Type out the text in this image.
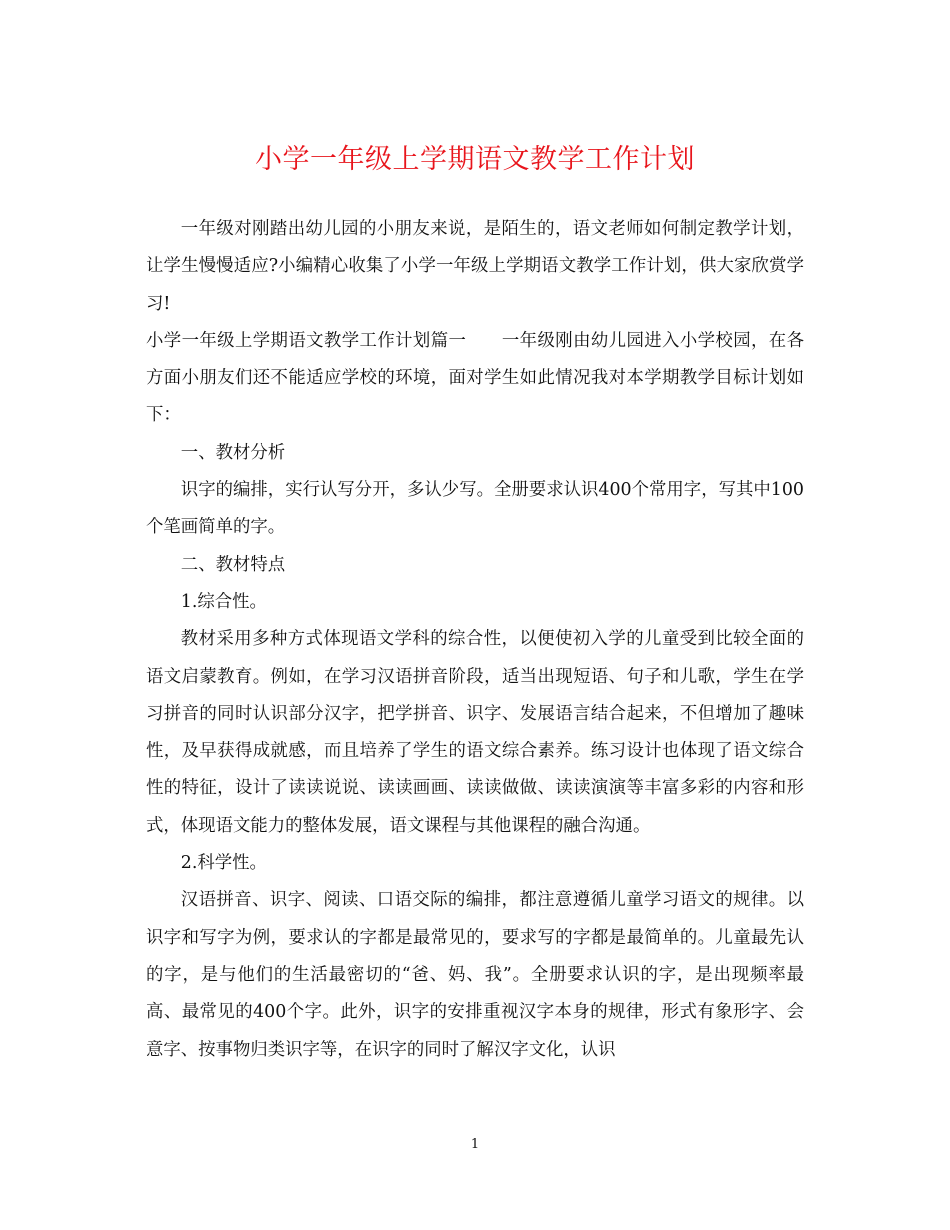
小学一年级上学期语文教学工作计划

一年级对刚踏出幼儿园的小朋友来说，是陌生的，语文老师如何制定教学计划，让学生慢慢适应?小编精心收集了小学一年级上学期语文教学工作计划，供大家欣赏学习!

小学一年级上学期语文教学工作计划篇一　　一年级刚由幼儿园进入小学校园，在各方面小朋友们还不能适应学校的环境，面对学生如此情况我对本学期教学目标计划如下：

一、教材分析

识字的编排，实行认写分开，多认少写。全册要求认识400个常用字，写其中100个笔画简单的字。

二、教材特点

1.综合性。

教材采用多种方式体现语文学科的综合性，以便使初入学的儿童受到比较全面的语文启蒙教育。例如，在学习汉语拼音阶段，适当出现短语、句子和儿歌，学生在学习拼音的同时认识部分汉字，把学拼音、识字、发展语言结合起来，不但增加了趣味性，及早获得成就感，而且培养了学生的语文综合素养。练习设计也体现了语文综合性的特征，设计了读读说说、读读画画、读读做做、读读演演等丰富多彩的内容和形式，体现语文能力的整体发展，语文课程与其他课程的融合沟通。

2.科学性。

汉语拼音、识字、阅读、口语交际的编排，都注意遵循儿童学习语文的规律。以识字和写字为例，要求认的字都是最常见的，要求写的字都是最简单的。儿童最先认的字，是与他们的生活最密切的“爸、妈、我”。全册要求认识的字，是出现频率最高、最常见的400个字。此外，识字的安排重视汉字本身的规律，形式有象形字、会意字、按事物归类识字等，在识字的同时了解汉字文化，认识

1
